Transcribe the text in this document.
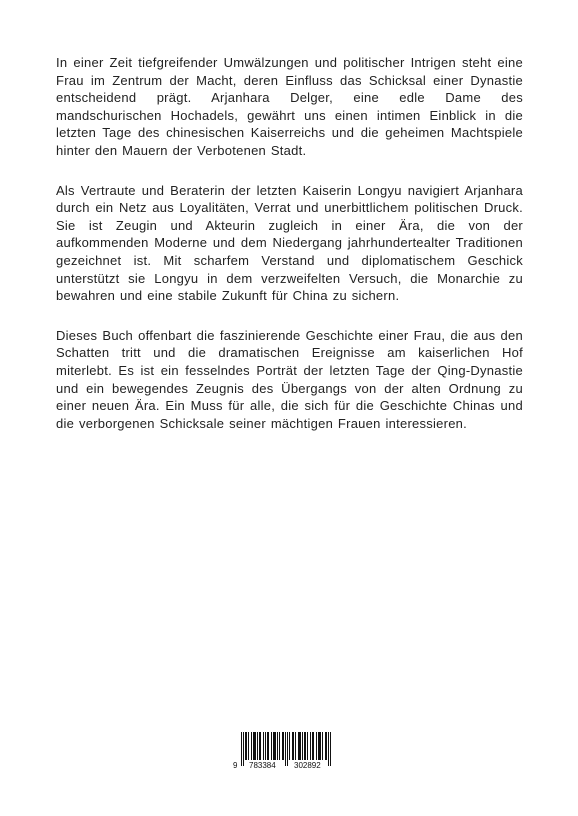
In einer Zeit tiefgreifender Umwälzungen und politischer Intrigen steht eine Frau im Zentrum der Macht, deren Einfluss das Schicksal einer Dynastie entscheidend prägt. Arjanhara Delger, eine edle Dame des mandschurischen Hochadels, gewährt uns einen intimen Einblick in die letzten Tage des chinesischen Kaiserreichs und die geheimen Machtspiele hinter den Mauern der Verbotenen Stadt.

Als Vertraute und Beraterin der letzten Kaiserin Longyu navigiert Arjanhara durch ein Netz aus Loyalitäten, Verrat und unerbittlichem politischen Druck. Sie ist Zeugin und Akteurin zugleich in einer Ära, die von der aufkommenden Moderne und dem Niedergang jahrhundertealter Traditionen gezeichnet ist. Mit scharfem Verstand und diplomatischem Geschick unterstützt sie Longyu in dem verzweifelten Versuch, die Monarchie zu bewahren und eine stabile Zukunft für China zu sichern.

Dieses Buch offenbart die faszinierende Geschichte einer Frau, die aus den Schatten tritt und die dramatischen Ereignisse am kaiserlichen Hof miterlebt. Es ist ein fesselndes Porträt der letzten Tage der Qing-Dynastie und ein bewegendes Zeugnis des Übergangs von der alten Ordnung zu einer neuen Ära. Ein Muss für alle, die sich für die Geschichte Chinas und die verborgenen Schicksale seiner mächtigen Frauen interessieren.

9 783384 302892
